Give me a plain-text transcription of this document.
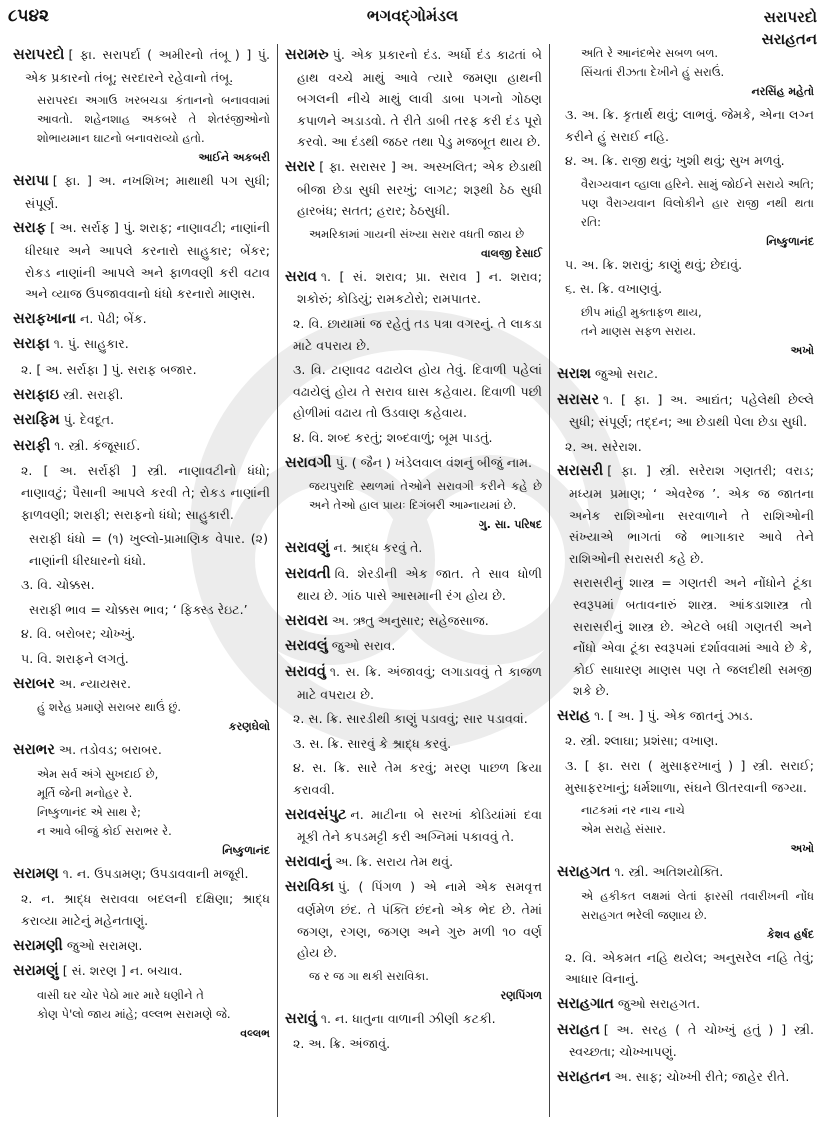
૮૫૪૨	ભગવદ્ગોમંડલ	સરાપરદો
સરાહતન
સરાપરદો [ ફા. સરાપર્દા ( અમીરનો તંબૂ ) ] પું. એક પ્રકારનો તંબૂ; સરદારને રહેવાનો તંબૂ.
સરાપરદા અગાઉ ખરબચડા કંતાનનો બનાવવામાં આવતો. શહેનશાહ અકબરે તે શેતરંજીઓનો શોભાયમાન ઘાટનો બનાવરાવ્યો હતો.
આઈને અકબરી
સરાપા [ ફા. ] અ. નખશિખ; માથાથી પગ સુધી; સંપૂર્ણ.
સરાફ [ અ. સર્રાફ ] પું. શરાફ; નાણાવટી; નાણાંની ધીરધાર અને આપલે કરનારો સાહુકાર; બેંકર; રોકડ નાણાંની આપલે અને ફાળવણી કરી વટાવ અને વ્યાજ ઉપજાવવાનો ધંધો કરનારો માણસ.
સરાફખાના ન. પેઢી; બેંક.
સરાફા ૧. પું. સાહુકાર.
૨. [ અ. સર્રાફા ] પું. સરાફ બજાર.
સરાફાઇ સ્ત્રી. સરાફી.
સરાફિમ પું. દેવદૂત.
સરાફી ૧. સ્ત્રી. કંજૂસાઈ.
૨. [ અ. સર્રાફી ] સ્ત્રી. નાણાવટીનો ધંધો; નાણાવટું; પૈસાની આપલે કરવી તે; રોકડ નાણાંની ફાળવણી; શરાફી; સરાફનો ધંધો; સાહુકારી.
સરાફી ધંધો = (૧) ખુલ્લો-પ્રામાણિક વેપાર. (૨) નાણાંની ધીરધારનો ધંધો.
૩. વિ. ચોક્કસ.
સરાફી ભાવ = ચોક્કસ ભાવ; ‘ ફિક્સ્ડ રેઇટ.’
૪. વિ. બરોબર; ચોખ્ખું.
૫. વિ. શરાફને લગતું.
સરાબર અ. ન્યાયસર.
હું શરેહ પ્રમાણે સરાબર થાઉં છું.
કરણઘેલો
સરાભર અ. તડોવડ; બરાબર.
એમ સર્વ અંગે સુખદાઈ છે,
મૂર્તિ જેની મનોહર રે.
નિષ્કુળાનંદ એ સાથ રે;
ન આવે બીજું કોઈ સરાભર રે.
નિષ્કુળાનંદ
સરામણ ૧. ન. ઉપડામણ; ઉપડાવવાની મજૂરી.
૨. ન. શ્રાદ્ધ સરાવવા બદલની દક્ષિણા; શ્રાદ્ધ કરાવ્યા માટેનું મહેનતાણું.
સરામણી જુઓ સરામણ.
સરામણું [ સં. શરણ ] ન. બચાવ.
વાસી ઘર ચોર પેઠો માર મારે ધણીને તે
કોણ પે'લો જાય માંહે; વલ્લભ સરામણે જે.
વલ્લભ
સરામરુ પું. એક પ્રકારનો દંડ. અર્ધો દંડ કાઢતાં બે હાથ વચ્ચે માથું આવે ત્યારે જમણા હાથની બગલની નીચે માથું લાવી ડાબા પગનો ગોઠણ કપાળને અડાડવો. તે રીતે ડાબી તરફ કરી દંડ પૂરો કરવો. આ દંડથી જઠર તથા પેડુ મજબૂત થાય છે.
સરાર [ ફા. સરાસર ] અ. અસ્ખલિત; એક છેડાથી બીજા છેડા સુધી સરખું; લાગટ; શરૂથી ઠેઠ સુધી હારબંધ; સતત; હરાર; ઠેઠસુધી.
અમરિકામાં ગાયની સંખ્યા સરાર વધતી જાય છે
વાલજી દેસાઈ
સરાવ ૧. [ સં. શરાવ; પ્રા. સરાવ ] ન. શરાવ; શકોરું; કોડિયું; રામકટોરો; રામપાતર.
૨. વિ. છાયામાં જ રહેતું તડ પત્રા વગરનું. તે લાકડા માટે વપરાય છે.
૩. વિ. ટાણાવઢ વઢાયેલ હોય તેવું. દિવાળી પહેલાં વઢાયેલું હોય તે સરાવ ઘાસ કહેવાય. દિવાળી પછી હોળીમાં વઢાય તો ઉડવાણ કહેવાય.
૪. વિ. શબ્દ કરતું; શબ્દવાળું; બૂમ પાડતું.
સરાવગી પું. ( જૈન ) ખંડેલવાલ વંશનું બીજું નામ.
જયપુરાદિ સ્થળમાં તેઓને સરાવગી કરીને કહે છે અને તેઓ હાલ પ્રાયઃ દિગંબરી આમ્નાયમાં છે.
ગુ. સા. પરિષદ
સરાવણું ન. શ્રાદ્ધ કરવું તે.
સરાવતી વિ. શેરડીની એક જાત. તે સાવ ધોળી થાય છે. ગાંઠ પાસે આસમાની રંગ હોય છે.
સરાવરા અ. ઋતુ અનુસાર; સહેજસાજ.
સરાવલું જુઓ સરાવ.
સરાવવું ૧. સ. ક્રિ. અંજાવવું; લગાડાવવું તે કાજળ માટે વપરાય છે.
૨. સ. ક્રિ. સારડીથી કાણું પડાવવું; સાર પડાવવાં.
૩. સ. ક્રિ. સારવું કે શ્રાદ્ધ કરવું.
૪. સ. ક્રિ. સારે તેમ કરવું; મરણ પાછળ ક્રિયા કરાવવી.
સરાવસંપુટ ન. માટીના બે સરખાં કોડિયાંમાં દવા મૂકી તેને કપડમટ્ટી કરી અગ્નિમાં પકાવવું તે.
સરાવાનું અ. ક્રિ. સરાય તેમ થવું.
સરાવિકા પું. ( પિંગળ ) એ નામે એક સમવૃત્ત વર્ણમેળ છંદ. તે પંક્તિ છંદનો એક ભેદ છે. તેમાં જગણ, રગણ, જગણ અને ગુરુ મળી ૧૦ વર્ણ હોય છે.
જ ર જ ગા થકી સરાવિકા.
રણપિંગળ
સરાવું ૧. ન. ધાતુના વાળાની ઝીણી કટકી.
૨. અ. ક્રિ. અંજાવું.
અતિ રે આનંદભેર સબળ બળ.
સિંચતાં રીઝતા દેખીને હું સરાઉં.
નરસિંહ મહેતો
૩. અ. ક્રિ. કૃતાર્થ થવું; લાભવું. જેમકે, એના લગ્ન કરીને હું સરાઈ નહિ.
૪. અ. ક્રિ. રાજી થવું; ખુશી થવું; સુખ મળવું.
વૈરાગ્યવાન વ્હાલા હરિને. સામું જોઈને સરાયે અતિ; પણ વૈરાગ્યવાન વિલોકીને હાર રાજી નથી થતા રતિ:
નિષ્કુળાનંદ
૫. અ. ક્રિ. શરાવું; કાણું થવું; છેદાવું.
૬. સ. ક્રિ. વખાણવું.
છીપ માંહી મુક્તાફળ થાય,
તને માણસ સફળ સરાય.
અખો
સરાશ જુઓ સરાટ.
સરાસર ૧. [ ફા. ] અ. આદ્યંત; પહેલેથી છેલ્લે સુધી; સંપૂર્ણ; તદ્દન; આ છેડાથી પેલા છેડા સુધી.
૨. અ. સરેરાશ.
સરાસરી [ ફા. ] સ્ત્રી. સરેરાશ ગણતરી; વરાડ; મધ્યમ પ્રમાણ; ‘ એવરેજ ’. એક જ જાતના અનેક રાશિઓના સરવાળાને તે રાશિઓની સંખ્યાએ ભાગતાં જે ભાગાકાર આવે તેને રાશિઓની સરાસરી કહે છે.
સરાસરીનું શાસ્ત્ર = ગણતરી અને નોંધોને ટૂંકા સ્વરૂપમાં બતાવનારું શાસ્ત્ર. આંકડાશાસ્ત્ર તો સરાસરીનું શાસ્ત્ર છે. એટલે બધી ગણતરી અને નોંધો એવા ટૂંકા સ્વરૂપમાં દર્શાવવામાં આવે છે કે, કોઈ સાધારણ માણસ પણ તે જલદીથી સમજી શકે છે.
સરાહ ૧. [ અ. ] પું. એક જાતનું ઝાડ.
૨. સ્ત્રી. શ્લાઘા; પ્રશંસા; વખાણ.
૩. [ ફા. સરા ( મુસાફરખાનું ) ] સ્ત્રી. સરાઈ; મુસાફરખાનું; ધર્મશાળા, સંઘને ઊતરવાની જગ્યા.
નાટકમાં નર નાચ નાચે
એમ સરાહે સંસાર.
અખો
સરાહગત ૧. સ્ત્રી. અતિશયોક્તિ.
એ હકીકત લક્ષમાં લેતાં ફારસી તવારીખની નોંધ સરાહગત ભરેલી જણાય છે.
કેશવ હર્ષદ
૨. વિ. એકમત નહિ થયેલ; અનુસરેલ નહિ તેવું; આધાર વિનાનું.
સરાહગાત જુઓ સરાહગત.
સરાહત [ અ. સરહ ( તે ચોખ્ખું હતું ) ] સ્ત્રી. સ્વચ્છતા; ચોખ્ખાપણું.
સરાહતન અ. સાફ; ચોખ્ખી રીતે; જાહેર રીતે.
